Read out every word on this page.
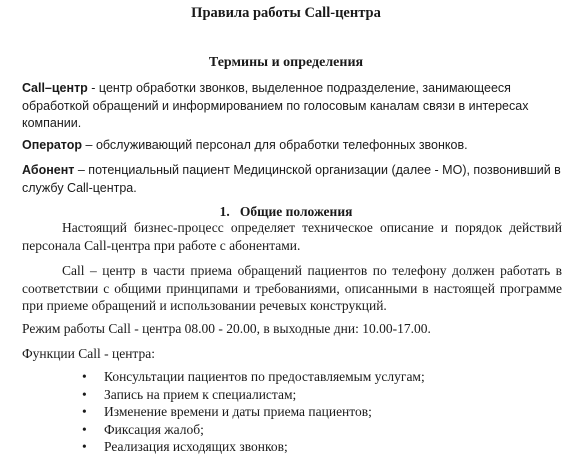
Правила работы Call-центра
Термины и определения
Call–центр - центр обработки звонков, выделенное подразделение, занимающееся обработкой обращений и информированием по голосовым каналам связи в интересах компании.
Оператор – обслуживающий персонал для обработки телефонных звонков.
Абонент – потенциальный пациент Медицинской организации (далее - МО), позвонивший в службу Call-центра.
1.   Общие положения
Настоящий бизнес-процесс определяет техническое описание и порядок действий персонала Call-центра при работе с абонентами.
Call – центр в части приема обращений пациентов по телефону должен работать в соответствии с общими принципами и требованиями, описанными в настоящей программе при приеме обращений и использовании речевых конструкций.
Режим работы Call - центра 08.00 - 20.00, в выходные дни: 10.00-17.00.
Функции Call - центра:
• Консультации пациентов по предоставляемым услугам;
• Запись на прием к специалистам;
• Изменение времени и даты приема пациентов;
• Фиксация жалоб;
• Реализация исходящих звонков;
